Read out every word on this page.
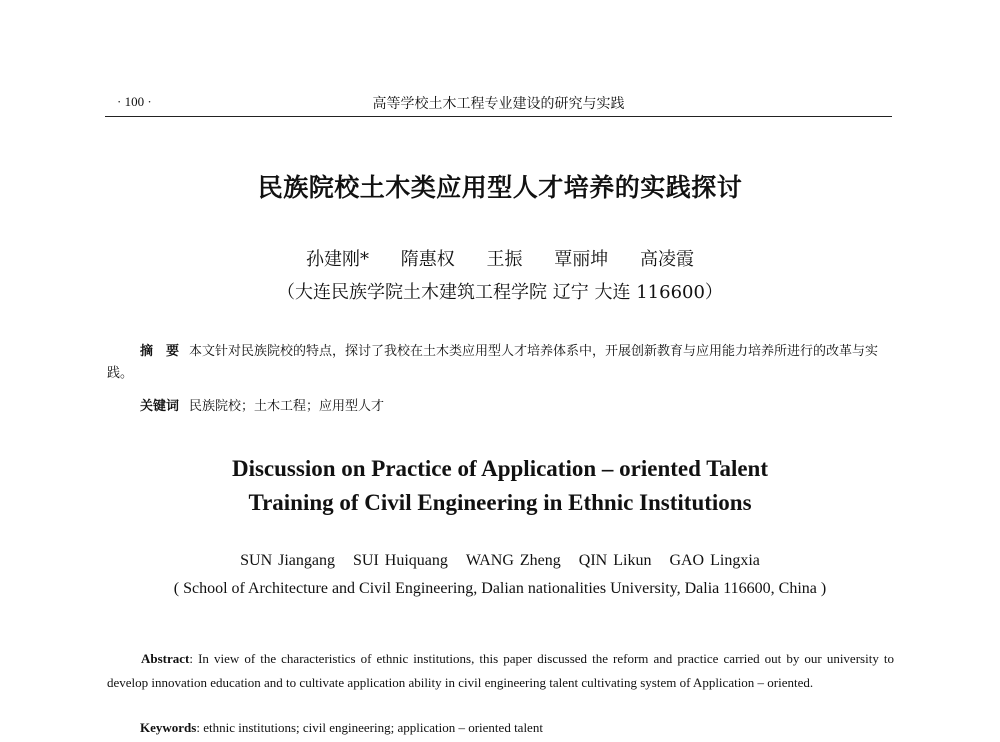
· 100 ·	高等学校土木工程专业建设的研究与实践
民族院校土木类应用型人才培养的实践探讨
孙建刚* 隋惠权 王振 覃丽坤 高凌霞
（大连民族学院土木建筑工程学院 辽宁 大连 116600）
摘　要 本文针对民族院校的特点，探讨了我校在土木类应用型人才培养体系中，开展创新教育与应用能力培养所进行的改革与实践。
关键词 民族院校；土木工程；应用型人才
Discussion on Practice of Application – oriented Talent
Training of Civil Engineering in Ethnic Institutions
SUN Jiangang SUI Huiquang WANG Zheng QIN Likun GAO Lingxia
( School of Architecture and Civil Engineering, Dalian nationalities University, Dalia 116600, China )
Abstract: In view of the characteristics of ethnic institutions, this paper discussed the reform and practice carried out by our university to develop innovation education and to cultivate application ability in civil engineering talent cultivating system of Application – oriented.
Keywords: ethnic institutions; civil engineering; application – oriented talent
